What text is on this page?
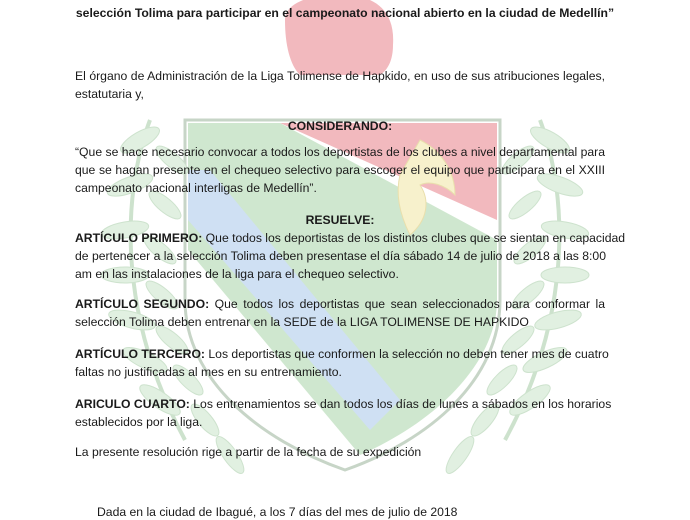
selección Tolima para participar en el campeonato nacional abierto en la ciudad de Medellín”
El órgano de Administración de la Liga Tolimense de Hapkido, en uso de sus atribuciones legales,
estatutaria y,
CONSIDERANDO:
“Que se hace necesario convocar a todos los deportistas de los clubes a nivel departamental para
que se hagan presente en el chequeo selectivo para escoger el equipo que participara en el XXIII
campeonato nacional interligas de Medellín”.
RESUELVE:
ARTÍCULO PRIMERO: Que todos los deportistas de los distintos clubes que se sientan en capacidad
de pertenecer a la selección Tolima deben presentase el día sábado 14 de julio de 2018 a las 8:00
am en las instalaciones de la liga para el chequeo selectivo.
ARTÍCULO SEGUNDO: Que todos los deportistas que sean seleccionados para conformar la
selección Tolima deben entrenar en la SEDE de la LIGA TOLIMENSE DE HAPKIDO
ARTÍCULO TERCERO: Los deportistas que conformen la selección no deben tener mes de cuatro
faltas no justificadas al mes en su entrenamiento.
ARICULO CUARTO: Los entrenamientos se dan todos los días de lunes a sábados en los horarios
establecidos por la liga.
La presente resolución rige a partir de la fecha de su expedición
Dada en la ciudad de Ibagué, a los 7 días del mes de julio de 2018
